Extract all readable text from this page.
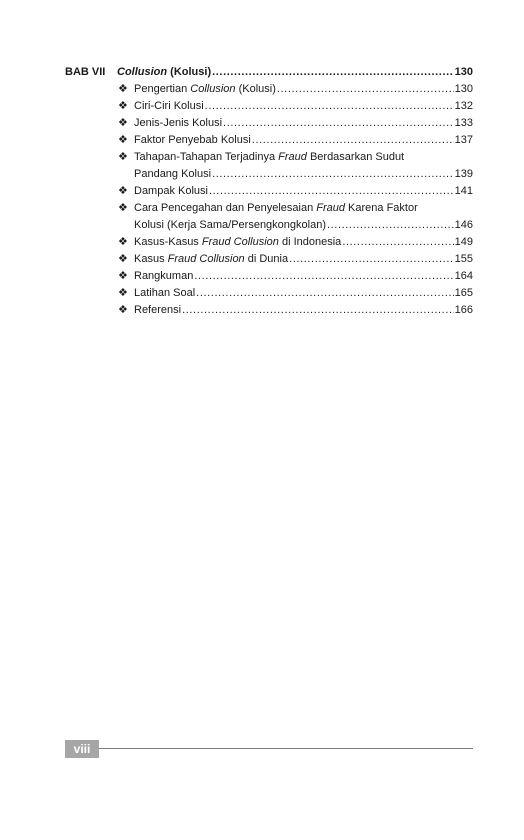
BAB VII	Collusion (Kolusi) .....	130
❖ Pengertian Collusion (Kolusi) .....	130
❖ Ciri-Ciri Kolusi .....	132
❖ Jenis-Jenis Kolusi .....	133
❖ Faktor Penyebab Kolusi .....	137
❖ Tahapan-Tahapan Terjadinya Fraud Berdasarkan Sudut
Pandang Kolusi .....	139
❖ Dampak Kolusi .....	141
❖ Cara Pencegahan dan Penyelesaian Fraud Karena Faktor
Kolusi (Kerja Sama/Persengkongkolan) .....	146
❖ Kasus-Kasus Fraud Collusion di Indonesia .....	149
❖ Kasus Fraud Collusion di Dunia .....	155
❖ Rangkuman .....	164
❖ Latihan Soal .....	165
❖ Referensi .....	166
viii
